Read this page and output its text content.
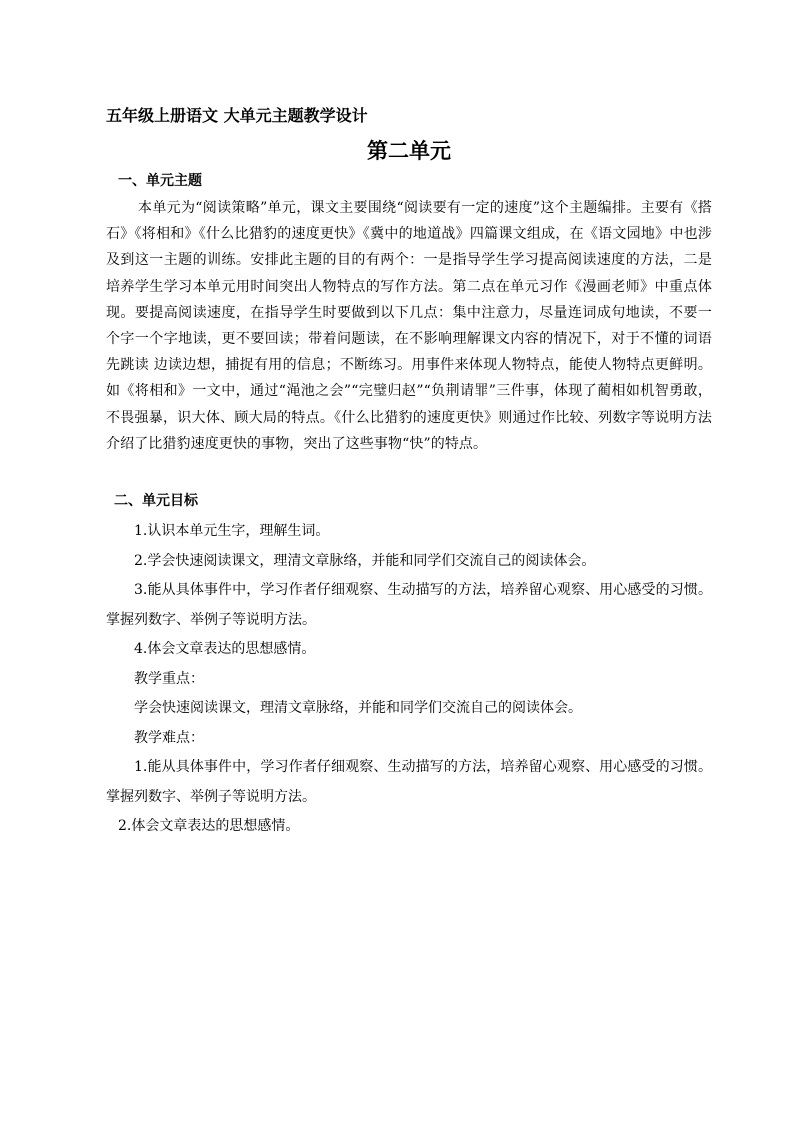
五年级上册语文 大单元主题教学设计
第二单元
一、单元主题

本单元为“阅读策略”单元，课文主要围绕“阅读要有一定的速度”这个主题编排。主要有《搭石》《将相和》《什么比猎豹的速度更快》《冀中的地道战》四篇课文组成，在《语文园地》中也涉及到这一主题的训练。安排此主题的目的有两个：一是指导学生学习提高阅读速度的方法，二是培养学生学习本单元用时间突出人物特点的写作方法。第二点在单元习作《漫画老师》中重点体现。要提高阅读速度，在指导学生时要做到以下几点：集中注意力，尽量连词成句地读，不要一个字一个字地读，更不要回读；带着问题读，在不影响理解课文内容的情况下，对于不懂的词语先跳读 边读边想，捕捉有用的信息；不断练习。用事件来体现人物特点，能使人物特点更鲜明。如《将相和》一文中，通过“渑池之会”“完璧归赵”“负荆请罪”三件事，体现了蔺相如机智勇敢，不畏强暴，识大体、顾大局的特点。《什么比猎豹的速度更快》则通过作比较、列数字等说明方法介绍了比猎豹速度更快的事物，突出了这些事物“快”的特点。

二、单元目标

1.认识本单元生字，理解生词。

2.学会快速阅读课文，理清文章脉络，并能和同学们交流自己的阅读体会。

3.能从具体事件中，学习作者仔细观察、生动描写的方法，培养留心观察、用心感受的习惯。掌握列数字、举例子等说明方法。

4.体会文章表达的思想感情。

教学重点：

学会快速阅读课文，理清文章脉络，并能和同学们交流自己的阅读体会。

教学难点：

1.能从具体事件中，学习作者仔细观察、生动描写的方法，培养留心观察、用心感受的习惯。掌握列数字、举例子等说明方法。

2.体会文章表达的思想感情。
